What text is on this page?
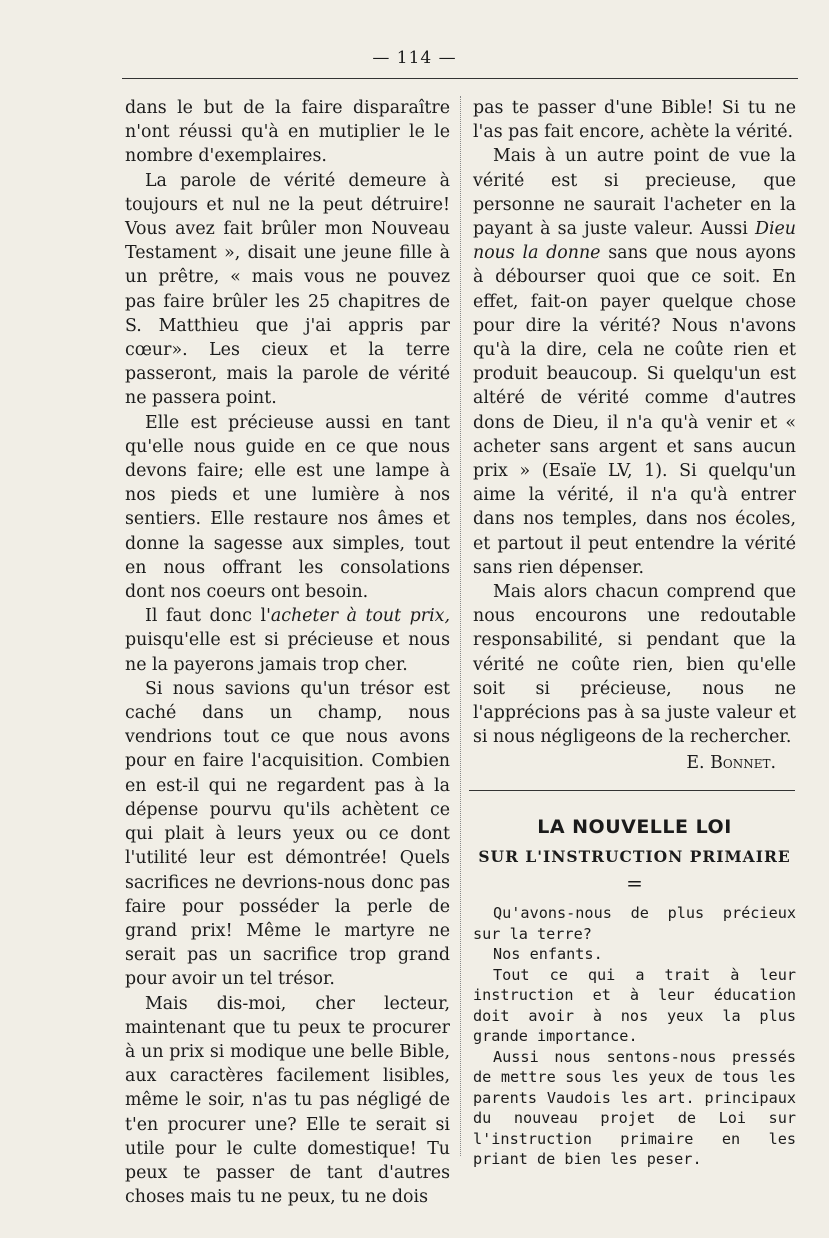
— 114 —

dans le but de la faire disparaître n'ont réussi qu'à en mutiplier le le nombre d'exemplaires.

La parole de vérité demeure à toujours et nul ne la peut détruire! Vous avez fait brûler mon Nouveau Testament », disait une jeune fille à un prêtre, « mais vous ne pouvez pas faire brûler les 25 chapitres de S. Matthieu que j'ai appris par cœur». Les cieux et la terre passeront, mais la parole de vérité ne passera point.

Elle est précieuse aussi en tant qu'elle nous guide en ce que nous devons faire; elle est une lampe à nos pieds et une lumière à nos sentiers. Elle restaure nos âmes et donne la sagesse aux simples, tout en nous offrant les consolations dont nos coeurs ont besoin.

Il faut donc l'acheter à tout prix, puisqu'elle est si précieuse et nous ne la payerons jamais trop cher.

Si nous savions qu'un trésor est caché dans un champ, nous vendrions tout ce que nous avons pour en faire l'acquisition. Combien en est-il qui ne regardent pas à la dépense pourvu qu'ils achètent ce qui plait à leurs yeux ou ce dont l'utilité leur est démontrée! Quels sacrifices ne devrions-nous donc pas faire pour posséder la perle de grand prix! Même le martyre ne serait pas un sacrifice trop grand pour avoir un tel trésor.

Mais dis-moi, cher lecteur, maintenant que tu peux te procurer à un prix si modique une belle Bible, aux caractères facilement lisibles, même le soir, n'as tu pas négligé de t'en procurer une? Elle te serait si utile pour le culte domestique! Tu peux te passer de tant d'autres choses mais tu ne peux, tu ne dois

pas te passer d'une Bible! Si tu ne l'as pas fait encore, achète la vérité.

Mais à un autre point de vue la vérité est si precieuse, que personne ne saurait l'acheter en la payant à sa juste valeur. Aussi Dieu nous la donne sans que nous ayons à débourser quoi que ce soit. En effet, fait-on payer quelque chose pour dire la vérité? Nous n'avons qu'à la dire, cela ne coûte rien et produit beaucoup. Si quelqu'un est altéré de vérité comme d'autres dons de Dieu, il n'a qu'à venir et « acheter sans argent et sans aucun prix » (Esaïe LV, 1). Si quelqu'un aime la vérité, il n'a qu'à entrer dans nos temples, dans nos écoles, et partout il peut entendre la vérité sans rien dépenser.

Mais alors chacun comprend que nous encourons une redoutable responsabilité, si pendant que la vérité ne coûte rien, bien qu'elle soit si précieuse, nous ne l'apprécions pas à sa juste valeur et si nous négligeons de la rechercher.

E. Bonnet.

LA NOUVELLE LOI
SUR L'INSTRUCTION PRIMAIRE
=

Qu'avons-nous de plus précieux sur la terre?

Nos enfants.

Tout ce qui a trait à leur instruction et à leur éducation doit avoir à nos yeux la plus grande importance.

Aussi nous sentons-nous pressés de mettre sous les yeux de tous les parents Vaudois les art. principaux du nouveau projet de Loi sur l'instruction primaire en les priant de bien les peser.
